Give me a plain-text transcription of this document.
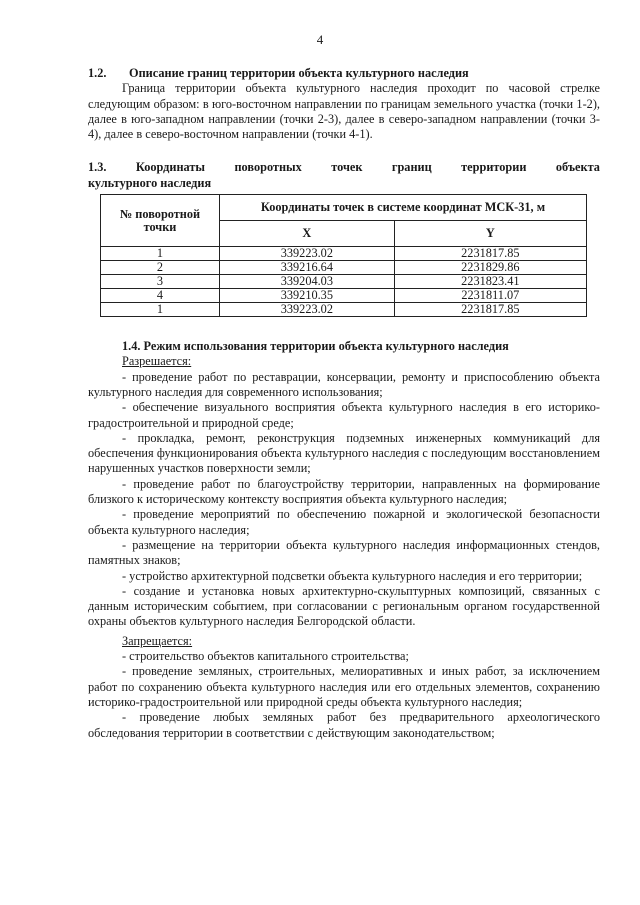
4

1.2. Описание границ территории объекта культурного наследия

Граница территории объекта культурного наследия проходит по часовой стрелке следующим образом: в юго-восточном направлении по границам земельного участка (точки 1-2), далее в юго-западном направлении (точки 2-3), далее в северо-западном направлении (точки 3-4), далее в северо-восточном направлении (точки 4-1).

1.3. Координаты поворотных точек границ территории объекта
культурного наследия
№ поворотной точки	Координаты точек в системе координат МСК-31, м	
	X	Y
1	339223.02	2231817.85
2	339216.64	2231829.86
3	339204.03	2231823.41
4	339210.35	2231811.07
1	339223.02	2231817.85

1.4. Режим использования территории объекта культурного наследия

Разрешается:

- проведение работ по реставрации, консервации, ремонту и приспособлению объекта культурного наследия для современного использования;

- обеспечение визуального восприятия объекта культурного наследия в его историко-градостроительной и природной среде;

- прокладка, ремонт, реконструкция подземных инженерных коммуникаций для обеспечения функционирования объекта культурного наследия с последующим восстановлением нарушенных участков поверхности земли;

- проведение работ по благоустройству территории, направленных на формирование близкого к историческому контексту восприятия объекта культурного наследия;

- проведение мероприятий по обеспечению пожарной и экологической безопасности объекта культурного наследия;

- размещение на территории объекта культурного наследия информационных стендов, памятных знаков;

- устройство архитектурной подсветки объекта культурного наследия и его территории;

- создание и установка новых архитектурно-скульптурных композиций, связанных с данным историческим событием, при согласовании с региональным органом государственной охраны объектов культурного наследия Белгородской области.

Запрещается:

- строительство объектов капитального строительства;

- проведение земляных, строительных, мелиоративных и иных работ, за исключением работ по сохранению объекта культурного наследия или его отдельных элементов, сохранению историко-градостроительной или природной среды объекта культурного наследия;

- проведение любых земляных работ без предварительного археологического обследования территории в соответствии с действующим законодательством;
